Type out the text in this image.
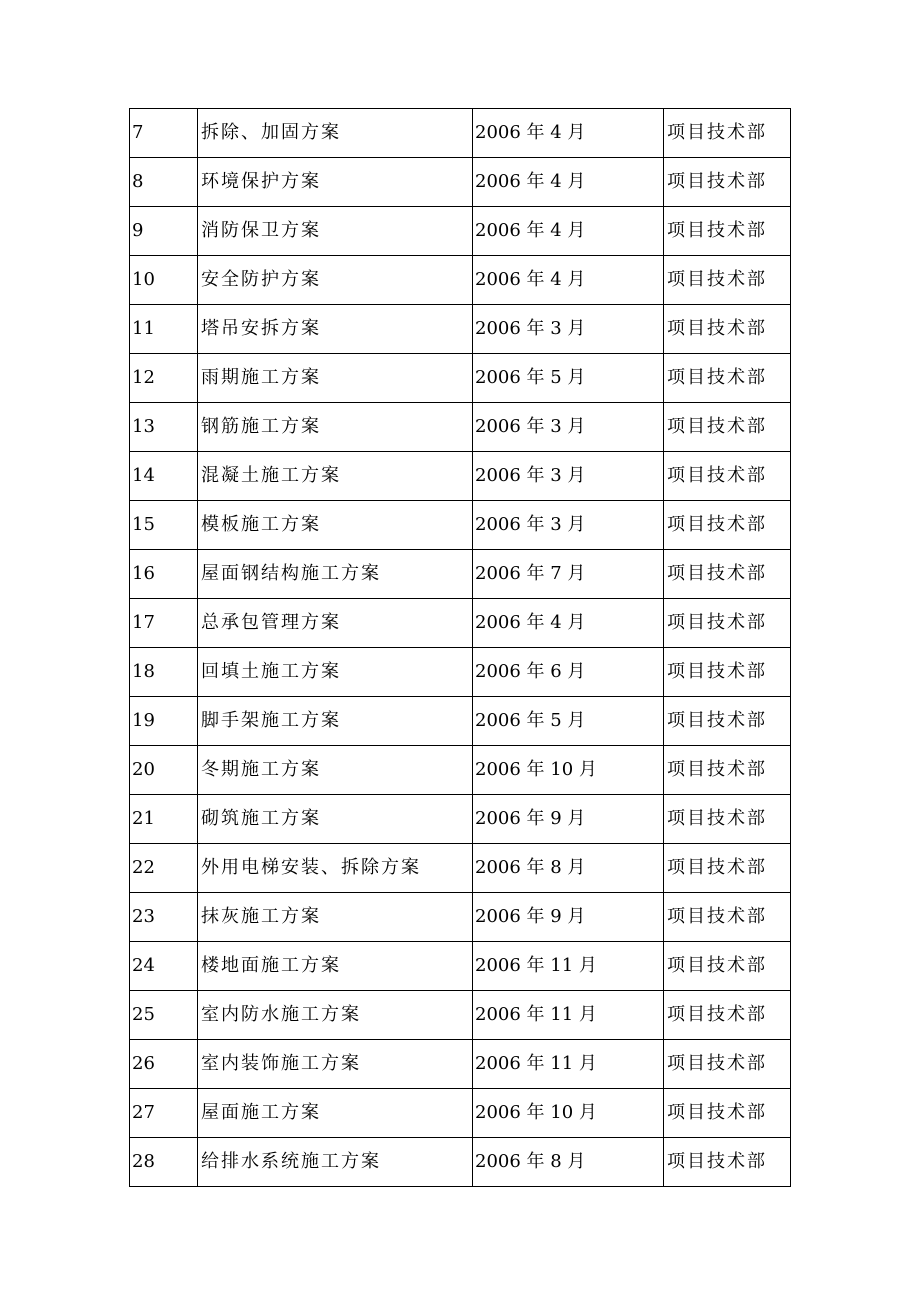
7	拆除、加固方案	2006 年 4 月	项目技术部
8	环境保护方案	2006 年 4 月	项目技术部
9	消防保卫方案	2006 年 4 月	项目技术部
10	安全防护方案	2006 年 4 月	项目技术部
11	塔吊安拆方案	2006 年 3 月	项目技术部
12	雨期施工方案	2006 年 5 月	项目技术部
13	钢筋施工方案	2006 年 3 月	项目技术部
14	混凝土施工方案	2006 年 3 月	项目技术部
15	模板施工方案	2006 年 3 月	项目技术部
16	屋面钢结构施工方案	2006 年 7 月	项目技术部
17	总承包管理方案	2006 年 4 月	项目技术部
18	回填土施工方案	2006 年 6 月	项目技术部
19	脚手架施工方案	2006 年 5 月	项目技术部
20	冬期施工方案	2006 年 10 月	项目技术部
21	砌筑施工方案	2006 年 9 月	项目技术部
22	外用电梯安装、拆除方案	2006 年 8 月	项目技术部
23	抹灰施工方案	2006 年 9 月	项目技术部
24	楼地面施工方案	2006 年 11 月	项目技术部
25	室内防水施工方案	2006 年 11 月	项目技术部
26	室内装饰施工方案	2006 年 11 月	项目技术部
27	屋面施工方案	2006 年 10 月	项目技术部
28	给排水系统施工方案	2006 年 8 月	项目技术部
